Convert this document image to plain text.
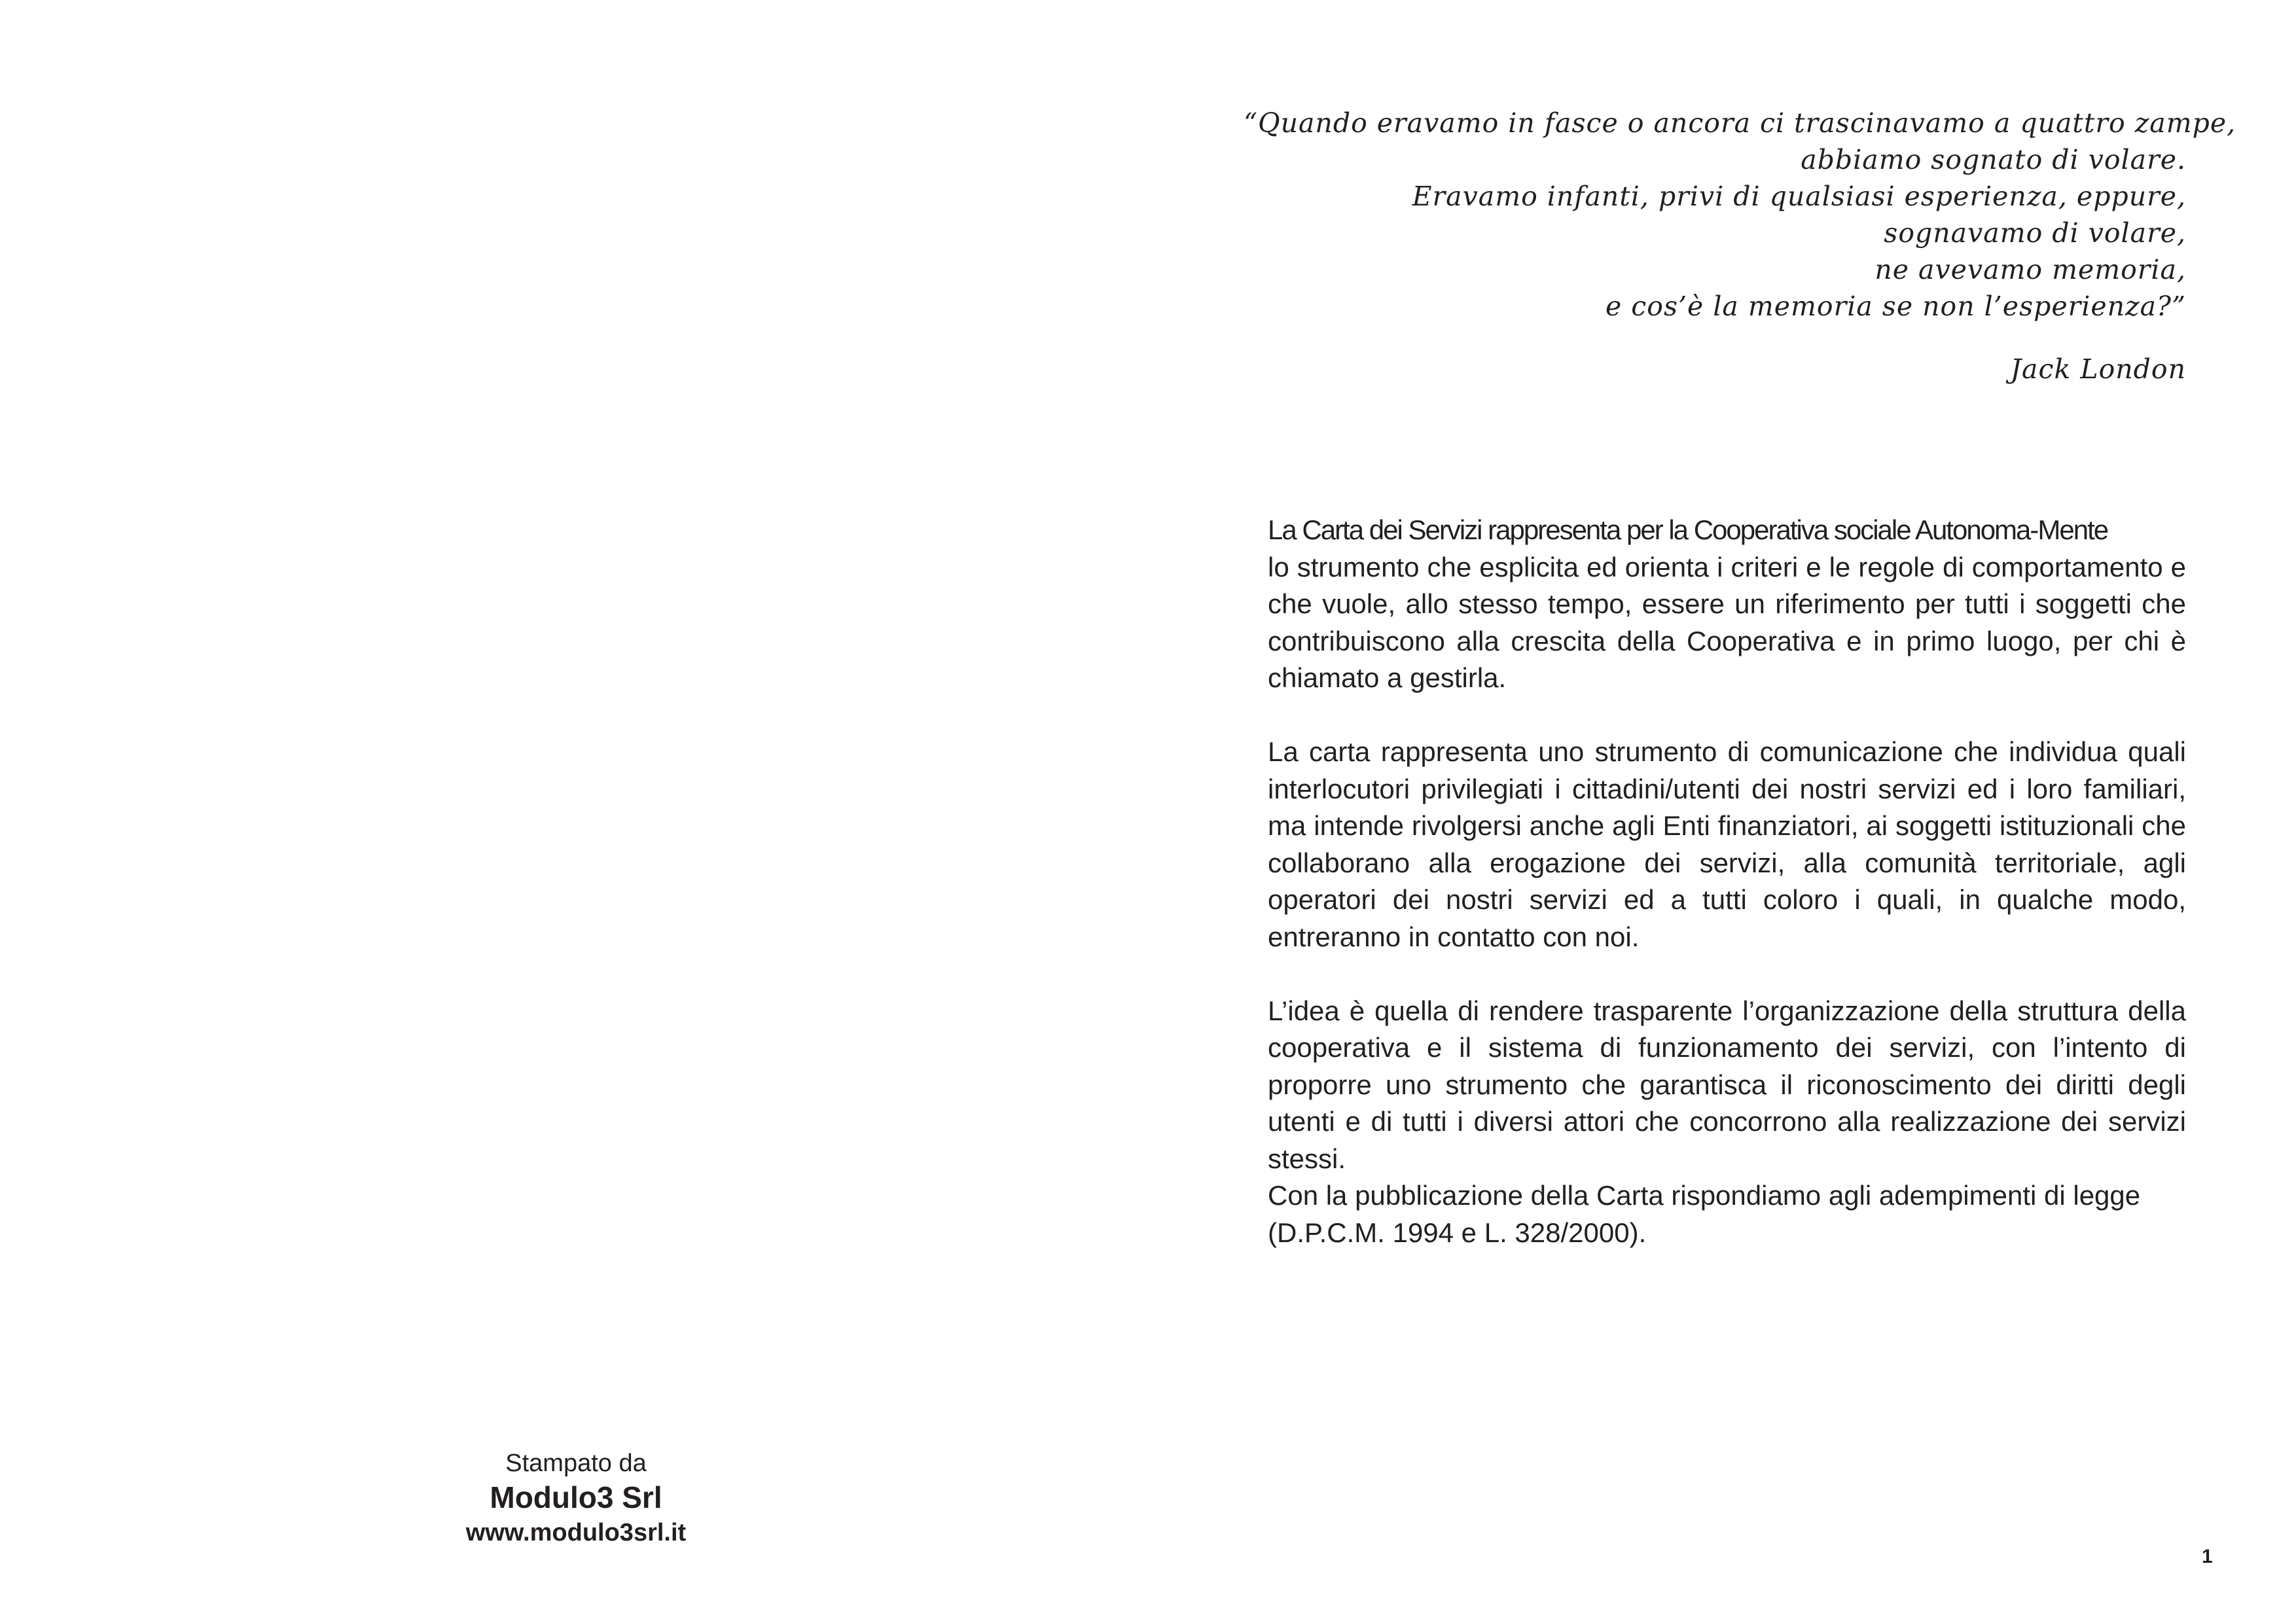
“Quando eravamo in fasce o ancora ci trascinavamo a quattro zampe,
abbiamo sognato di volare.
Eravamo infanti, privi di qualsiasi esperienza, eppure,
sognavamo di volare,
ne avevamo memoria,
e cos’è la memoria se non l’esperienza?”
Jack London

La Carta dei Servizi rappresenta per la Cooperativa sociale Autonoma-Mente
lo strumento che esplicita ed orienta i criteri e le regole di comportamento e che vuole, allo stesso tempo, essere un riferimento per tutti i soggetti che contribuiscono alla crescita della Cooperativa e in primo luogo, per chi è chiamato a gestirla.

La carta rappresenta uno strumento di comunicazione che individua quali interlocutori privilegiati i cittadini/utenti dei nostri servizi ed i loro familiari, ma intende rivolgersi anche agli Enti finanziatori, ai soggetti istituzionali che collaborano alla erogazione dei servizi, alla comunità territoriale, agli operatori dei nostri servizi ed a tutti coloro i quali, in qualche modo, entreranno in contatto con noi.

L’idea è quella di rendere trasparente l’organizzazione della struttura della cooperativa e il sistema di funzionamento dei servizi, con l’intento di proporre uno strumento che garantisca il riconoscimento dei diritti degli utenti e di tutti i diversi attori che concorrono alla realizzazione dei servizi stessi.

Con la pubblicazione della Carta rispondiamo agli adempimenti di legge (D.P.C.M. 1994 e L. 328/2000).

Stampato da
Modulo3 Srl
www.modulo3srl.it
1
